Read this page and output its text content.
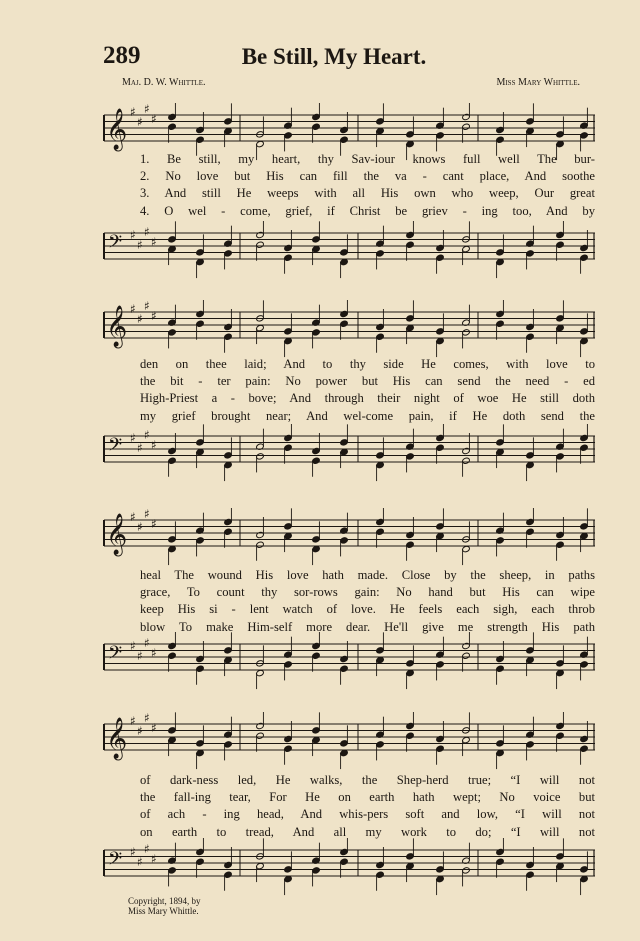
289	Be Still, My Heart.
Maj. D. W. Whittle.	Miss Mary Whittle.
𝄞 ♯
♯
♯
♯
1. Be still, my heart, thy Sav-iour knows full well The bur-
2. No love but His can fill the va - cant place, And soothe
3. And still He weeps with all His own who weep, Our great
4. O wel - come, grief, if Christ be griev - ing too, And by
𝄢 ♯
♯
♯
♯
𝄞 ♯
♯
♯
♯
den on thee laid; And to thy side He comes, with love to
the bit - ter pain: No power but His can send the need - ed
High-Priest a - bove; And through their night of woe He still doth
my grief brought near; And wel-come pain, if He doth send the
𝄢 ♯
♯
♯
♯
𝄞 ♯
♯
♯
♯
heal The wound His love hath made. Close by the sheep, in paths
grace, To count thy sor-rows gain: No hand but His can wipe
keep His si - lent watch of love. He feels each sigh, each throb
blow To make Him-self more dear. He'll give me strength His path
𝄢 ♯
♯
♯
♯
𝄞 ♯
♯
♯
♯
of dark-ness led, He walks, the Shep-herd true; “I will not
the fall-ing tear, For He on earth hath wept; No voice but
of ach - ing head, And whis-pers soft and low, “I will not
on earth to tread, And all my work to do; “I will not
𝄢 ♯
♯
♯
♯
Copyright, 1894, by
Miss Mary Whittle.
